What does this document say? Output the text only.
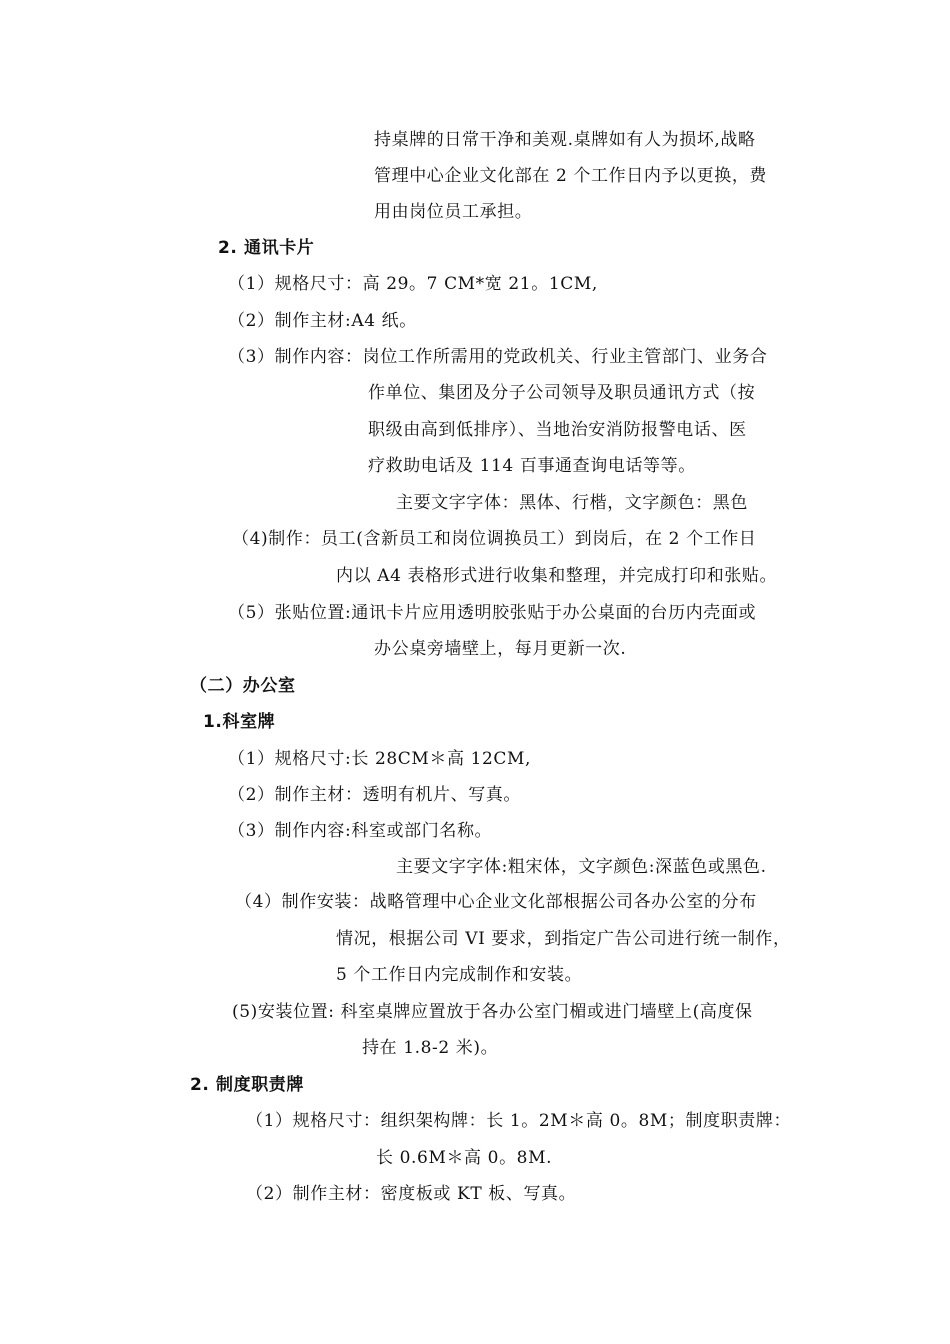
持桌牌的日常干净和美观.桌牌如有人为损坏,战略
管理中心企业文化部在 2 个工作日内予以更换，费
用由岗位员工承担。
2. 通讯卡片
（1）规格尺寸：高 29。7 CM*宽 21。1CM,
（2）制作主材:A4 纸。
（3）制作内容：岗位工作所需用的党政机关、行业主管部门、业务合
作单位、集团及分子公司领导及职员通讯方式（按
职级由高到低排序）、当地治安消防报警电话、医
疗救助电话及 114 百事通查询电话等等。
主要文字字体：黑体、行楷，文字颜色：黑色
（4)制作：员工(含新员工和岗位调换员工）到岗后，在 2 个工作日
内以 A4 表格形式进行收集和整理，并完成打印和张贴。
（5）张贴位置:通讯卡片应用透明胶张贴于办公桌面的台历内壳面或
办公桌旁墙壁上，每月更新一次.
（二）办公室
1.科室牌
（1）规格尺寸:长 28CM＊高 12CM,
（2）制作主材：透明有机片、写真。
（3）制作内容:科室或部门名称。
主要文字字体:粗宋体，文字颜色:深蓝色或黑色.
（4）制作安装：战略管理中心企业文化部根据公司各办公室的分布
情况，根据公司 VI 要求，到指定广告公司进行统一制作，
5 个工作日内完成制作和安装。
(5)安装位置: 科室桌牌应置放于各办公室门楣或进门墙壁上(高度保
持在 1.8-2 米)。
2. 制度职责牌
（1）规格尺寸：组织架构牌：长 1。2M＊高 0。8M；制度职责牌：
长 0.6M＊高 0。8M.
（2）制作主材：密度板或 KT 板、写真。
